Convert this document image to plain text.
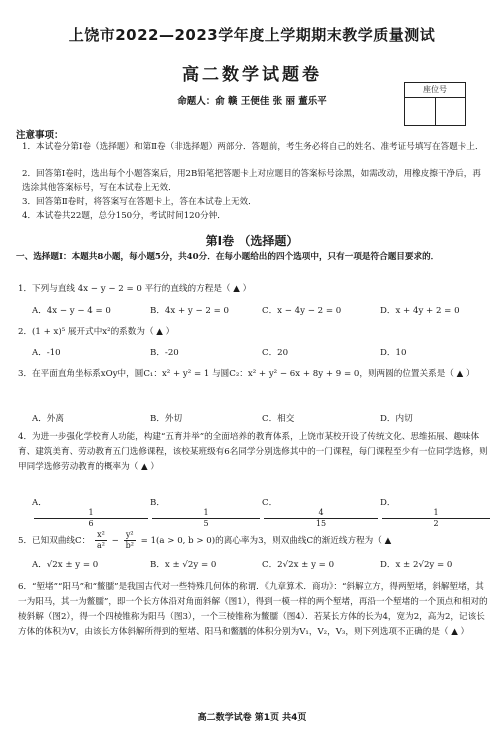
上饶市2022—2023学年度上学期期末教学质量测试
高二数学试题卷
命题人：俞 赣 王便佳 张 丽 董乐平
座位号
注意事项：
1．本试卷分第Ⅰ卷（选择题）和第Ⅱ卷（非选择题）两部分．答题前，考生务必将自己的姓名、准考证号填写在答题卡上．
2．回答第Ⅰ卷时，选出每个小题答案后，用2B铅笔把答题卡上对应题目的答案标号涂黑，如需改动，用橡皮擦干净后，再选涂其他答案标号，写在本试卷上无效．
3．回答第Ⅱ卷时，将答案写在答题卡上，答在本试卷上无效．
4．本试卷共22题，总分150分，考试时间120分钟．
第Ⅰ卷 （选择题）
一、选择题Ⅰ：本题共8小题，每小题5分，共40分．在每小题给出的四个选项中，只有一项是符合题目要求的．
1．下列与直线 4x − y − 2 = 0 平行的直线的方程是（ ▲ ）
A．4x − y − 4 = 0	B．4x + y − 2 = 0	C．x − 4y − 2 = 0	D．x + 4y + 2 = 0
2．(1 + x)⁵ 展开式中x²的系数为（ ▲ ）
A．-10	B．-20	C．20	D．10
3．在平面直角坐标系xOy中，圆C₁：x² + y² = 1 与圆C₂：x² + y² − 6x + 8y + 9 = 0，则两圆的位置关系是（ ▲ ）
A．外离	B．外切	C．相交	D．内切
4．为进一步强化学校育人功能，构建“五育并举”的全面培养的教育体系，上饶市某校开设了传统文化、思维拓展、趣味体育、建筑美育、劳动教育五门选修课程，该校某班级有6名同学分别选修其中的一门课程，每门课程至少有一位同学选修，则甲同学选修劳动教育的概率为（ ▲ ）
A．
1
6
B．
1
5
C．
4
15
D．
1
2
5．已知双曲线C： $\frac{\text{x²}}{\text{a²}} - \frac{\text{y²}}{\text{b²}} = 1(a > 0$, b > 0)的离心率为3，则双曲线C的渐近线方程为（ ▲
A．√2x ± y = 0	B．x ± √2y = 0	C．2√2x ± y = 0	D．x ± 2√2y = 0
6．“堑堵”“阳马”和“鳖臑”是我国古代对一些特殊几何体的称谓．《九章算术．商功》：“斜解立方，得两堑堵，斜解堑堵，其一为阳马，其一为鳖臑”，即一个长方体沿对角面斜解（图1），得到一模一样的两个堑堵，再沿一个堑堵的一个顶点和相对的棱斜解（图2），得一个四棱锥称为阳马（图3），一个三棱锥称为鳖臑（图4）．若某长方体的长为4，宽为2，高为2，记该长方体的体积为V，由该长方体斜解所得到的堑堵、阳马和鳖臑的体积分别为V₁，V₂，V₃，则下列选项不正确的是（ ▲ ）
高二数学试卷 第1页 共4页
